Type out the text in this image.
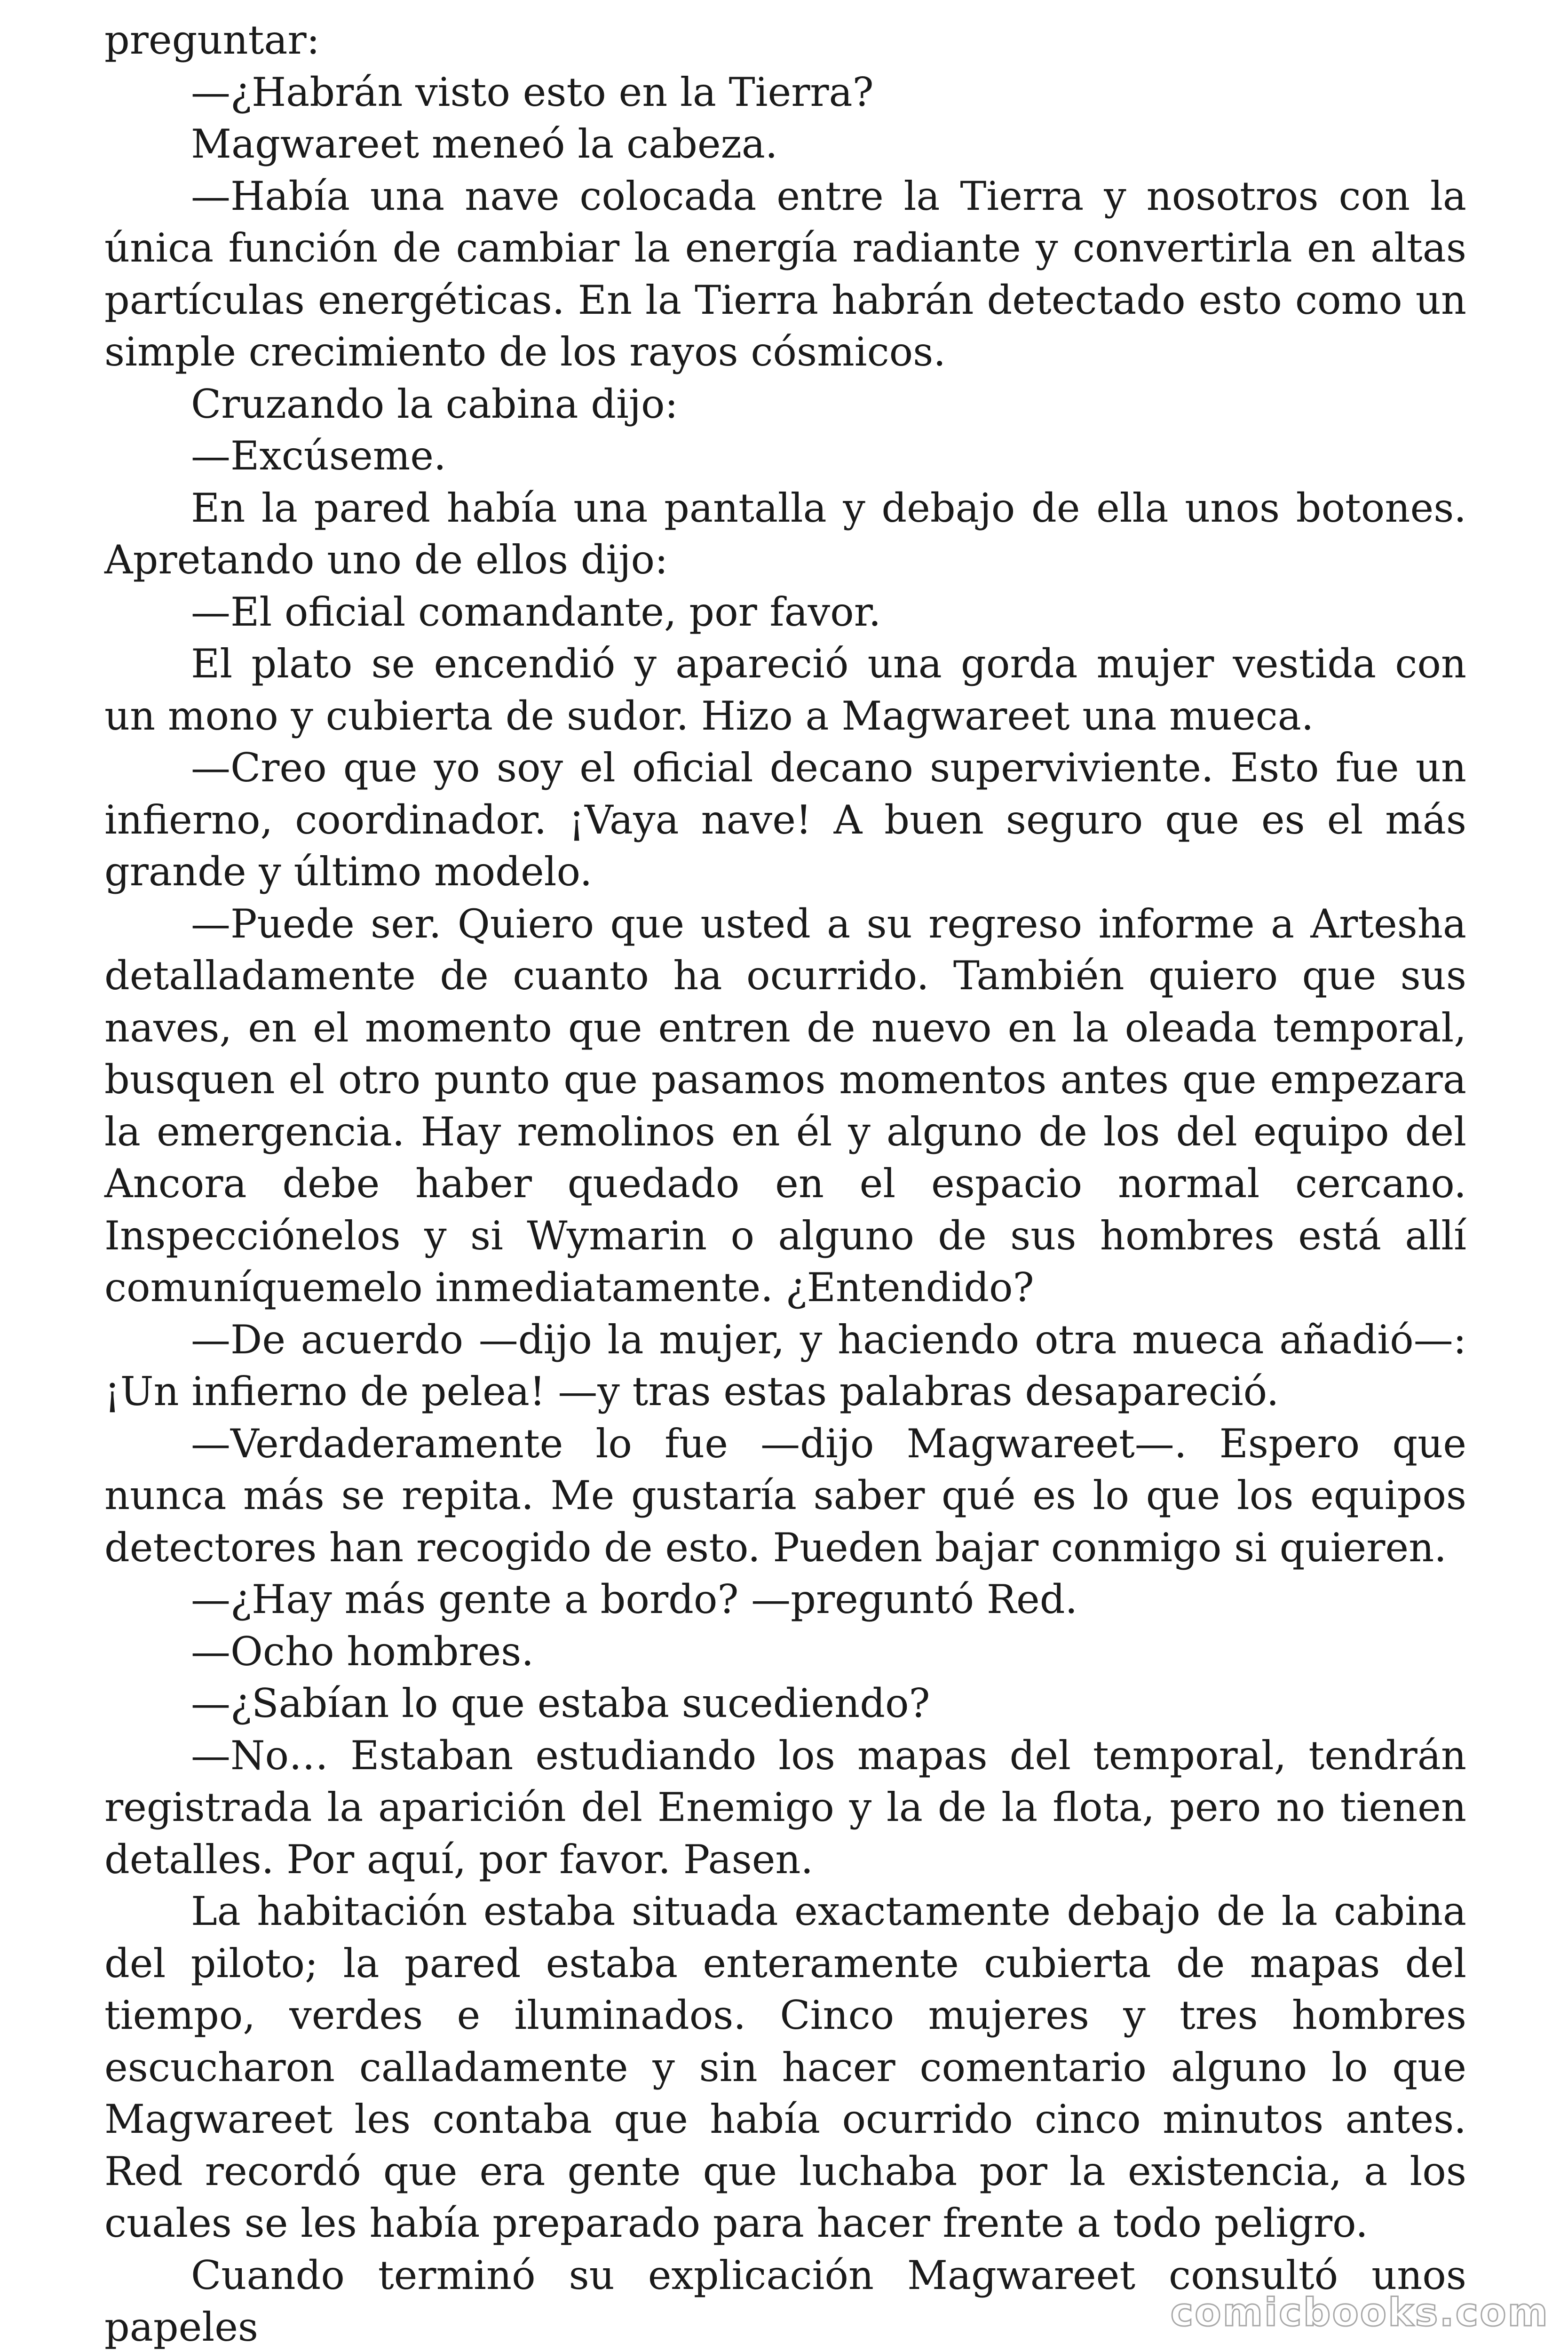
preguntar:

—¿Habrán visto esto en la Tierra?

Magwareet meneó la cabeza.

—Había una nave colocada entre la Tierra y nosotros con la única función de cambiar la energía radiante y convertirla en altas partículas energéticas. En la Tierra habrán detectado esto como un simple crecimiento de los rayos cósmicos.

Cruzando la cabina dijo:

—Excúseme.

En la pared había una pantalla y debajo de ella unos botones. Apretando uno de ellos dijo:

—El oficial comandante, por favor.

El plato se encendió y apareció una gorda mujer vestida con un mono y cubierta de sudor. Hizo a Magwareet una mueca.

—Creo que yo soy el oficial decano superviviente. Esto fue un infierno, coordinador. ¡Vaya nave! A buen seguro que es el más grande y último modelo.

—Puede ser. Quiero que usted a su regreso informe a Artesha detalladamente de cuanto ha ocurrido. También quiero que sus naves, en el momento que entren de nuevo en la oleada temporal, busquen el otro punto que pasamos momentos antes que empezara la emergencia. Hay remolinos en él y alguno de los del equipo del Ancora debe haber quedado en el espacio normal cercano. Inspecciónelos y si Wymarin o alguno de sus hombres está allí comuníquemelo inmediatamente. ¿Entendido?

—De acuerdo —dijo la mujer, y haciendo otra mueca añadió—: ¡Un infierno de pelea! —y tras estas palabras desapareció.

—Verdaderamente lo fue —dijo Magwareet—. Espero que nunca más se repita. Me gustaría saber qué es lo que los equipos detectores han recogido de esto. Pueden bajar conmigo si quieren.

—¿Hay más gente a bordo? —preguntó Red.

—Ocho hombres.

—¿Sabían lo que estaba sucediendo?

—No… Estaban estudiando los mapas del temporal, tendrán registrada la aparición del Enemigo y la de la flota, pero no tienen detalles. Por aquí, por favor. Pasen.

La habitación estaba situada exactamente debajo de la cabina del piloto; la pared estaba enteramente cubierta de mapas del tiempo, verdes e iluminados. Cinco mujeres y tres hombres escucharon calladamente y sin hacer comentario alguno lo que Magwareet les contaba que había ocurrido cinco minutos antes. Red recordó que era gente que luchaba por la existencia, a los cuales se les había preparado para hacer frente a todo peligro.

Cuando terminó su explicación Magwareet consultó unos papeles	comicbooks.com
